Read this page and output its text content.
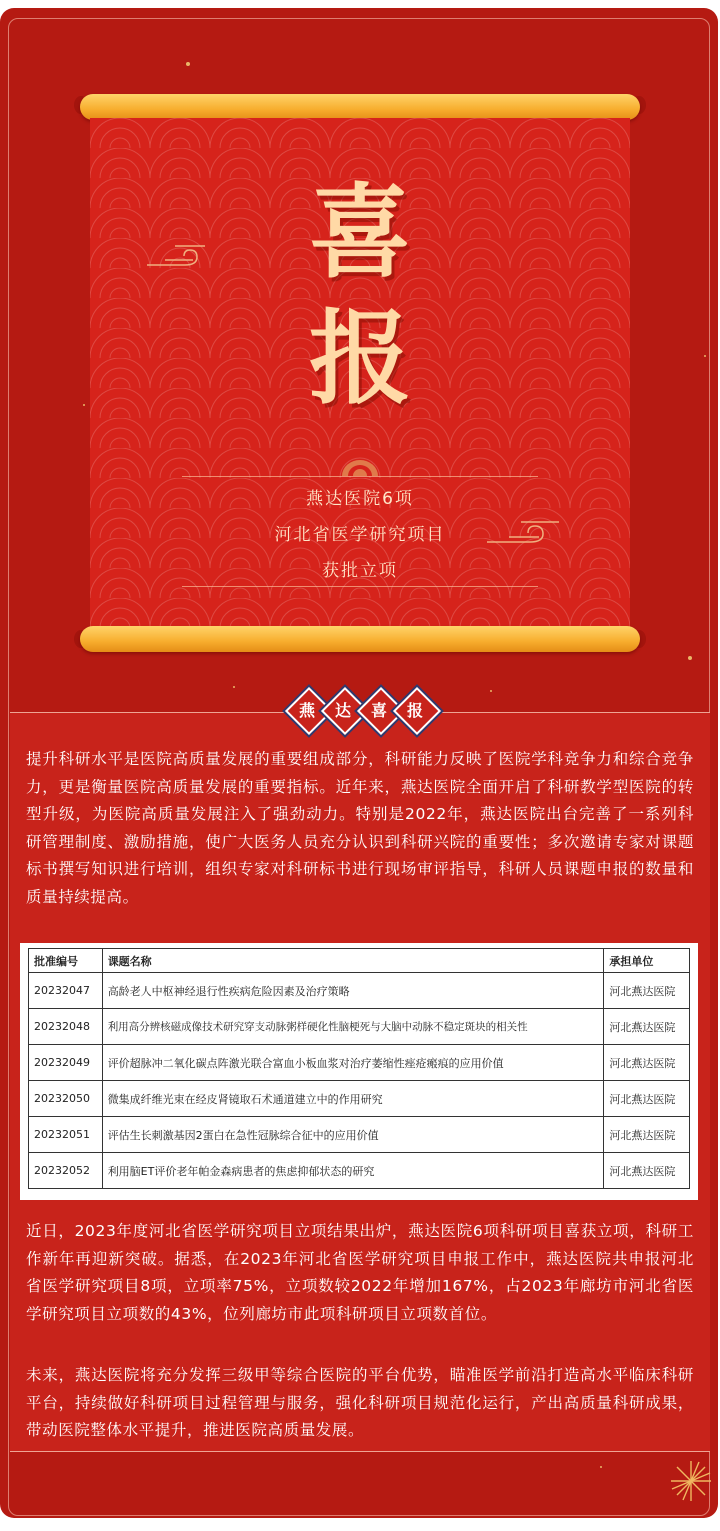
喜
报
燕达医院6项
河北省医学研究项目
获批立项
燕	达	喜	报

提升科研水平是医院高质量发展的重要组成部分，科研能力反映了医院学科竞争力和综合竞争力，更是衡量医院高质量发展的重要指标。近年来，燕达医院全面开启了科研教学型医院的转型升级，为医院高质量发展注入了强劲动力。特别是2022年，燕达医院出台完善了一系列科研管理制度、激励措施，使广大医务人员充分认识到科研兴院的重要性；多次邀请专家对课题标书撰写知识进行培训，组织专家对科研标书进行现场审评指导，科研人员课题申报的数量和质量持续提高。

批准编号	课题名称	承担单位
20232047	高龄老人中枢神经退行性疾病危险因素及治疗策略	河北燕达医院
20232048	利用高分辨核磁成像技术研究穿支动脉粥样硬化性脑梗死与大脑中动脉不稳定斑块的相关性	河北燕达医院
20232049	评价超脉冲二氧化碳点阵激光联合富血小板血浆对治疗萎缩性痤疮瘢痕的应用价值	河北燕达医院
20232050	微集成纤维光束在经皮肾镜取石术通道建立中的作用研究	河北燕达医院
20232051	评估生长刺激基因2蛋白在急性冠脉综合征中的应用价值	河北燕达医院
20232052	利用脑ET评价老年帕金森病患者的焦虑抑郁状态的研究	河北燕达医院

近日，2023年度河北省医学研究项目立项结果出炉，燕达医院6项科研项目喜获立项，科研工作新年再迎新突破。据悉，在2023年河北省医学研究项目申报工作中，燕达医院共申报河北省医学研究项目8项，立项率75%，立项数较2022年增加167%，占2023年廊坊市河北省医学研究项目立项数的43%，位列廊坊市此项科研项目立项数首位。

未来，燕达医院将充分发挥三级甲等综合医院的平台优势，瞄准医学前沿打造高水平临床科研平台，持续做好科研项目过程管理与服务，强化科研项目规范化运行，产出高质量科研成果，带动医院整体水平提升，推进医院高质量发展。
